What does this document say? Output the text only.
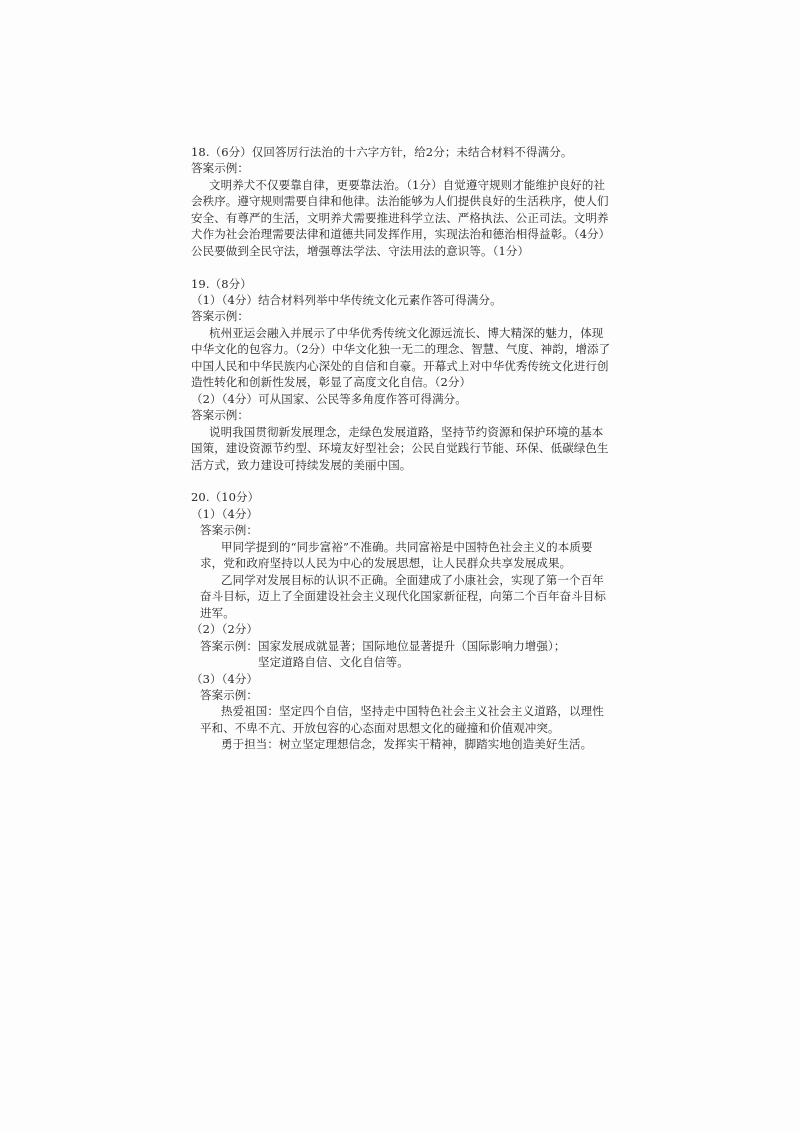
18.（6分）仅回答厉行法治的十六字方针，给2分；未结合材料不得满分。
答案示例：
文明养犬不仅要靠自律，更要靠法治。（1分）自觉遵守规则才能维护良好的社
会秩序。遵守规则需要自律和他律。法治能够为人们提供良好的生活秩序，使人们
安全、有尊严的生活，文明养犬需要推进科学立法、严格执法、公正司法。文明养
犬作为社会治理需要法律和道德共同发挥作用，实现法治和德治相得益彰。（4分）
公民要做到全民守法，增强尊法学法、守法用法的意识等。（1分）
19.（8分）
（1）（4分）结合材料列举中华传统文化元素作答可得满分。
答案示例：
杭州亚运会融入并展示了中华优秀传统文化源远流长、博大精深的魅力，体现
中华文化的包容力。（2分）中华文化独一无二的理念、智慧、气度、神韵，增添了
中国人民和中华民族内心深处的自信和自豪。开幕式上对中华优秀传统文化进行创
造性转化和创新性发展，彰显了高度文化自信。（2分）
（2）（4分）可从国家、公民等多角度作答可得满分。
答案示例：
说明我国贯彻新发展理念，走绿色发展道路，坚持节约资源和保护环境的基本
国策，建设资源节约型、环境友好型社会；公民自觉践行节能、环保、低碳绿色生
活方式，致力建设可持续发展的美丽中国。
20.（10分）
（1）（4分）
答案示例：
甲同学提到的“同步富裕”不准确。共同富裕是中国特色社会主义的本质要
求，党和政府坚持以人民为中心的发展思想，让人民群众共享发展成果。
乙同学对发展目标的认识不正确。全面建成了小康社会，实现了第一个百年
奋斗目标，迈上了全面建设社会主义现代化国家新征程，向第二个百年奋斗目标
进军。
（2）（2分）
答案示例：国家发展成就显著；国际地位显著提升（国际影响力增强）；
坚定道路自信、文化自信等。
（3）（4分）
答案示例：
热爱祖国：坚定四个自信，坚持走中国特色社会主义社会主义道路，以理性
平和、不卑不亢、开放包容的心态面对思想文化的碰撞和价值观冲突。
勇于担当：树立坚定理想信念，发挥实干精神，脚踏实地创造美好生活。
